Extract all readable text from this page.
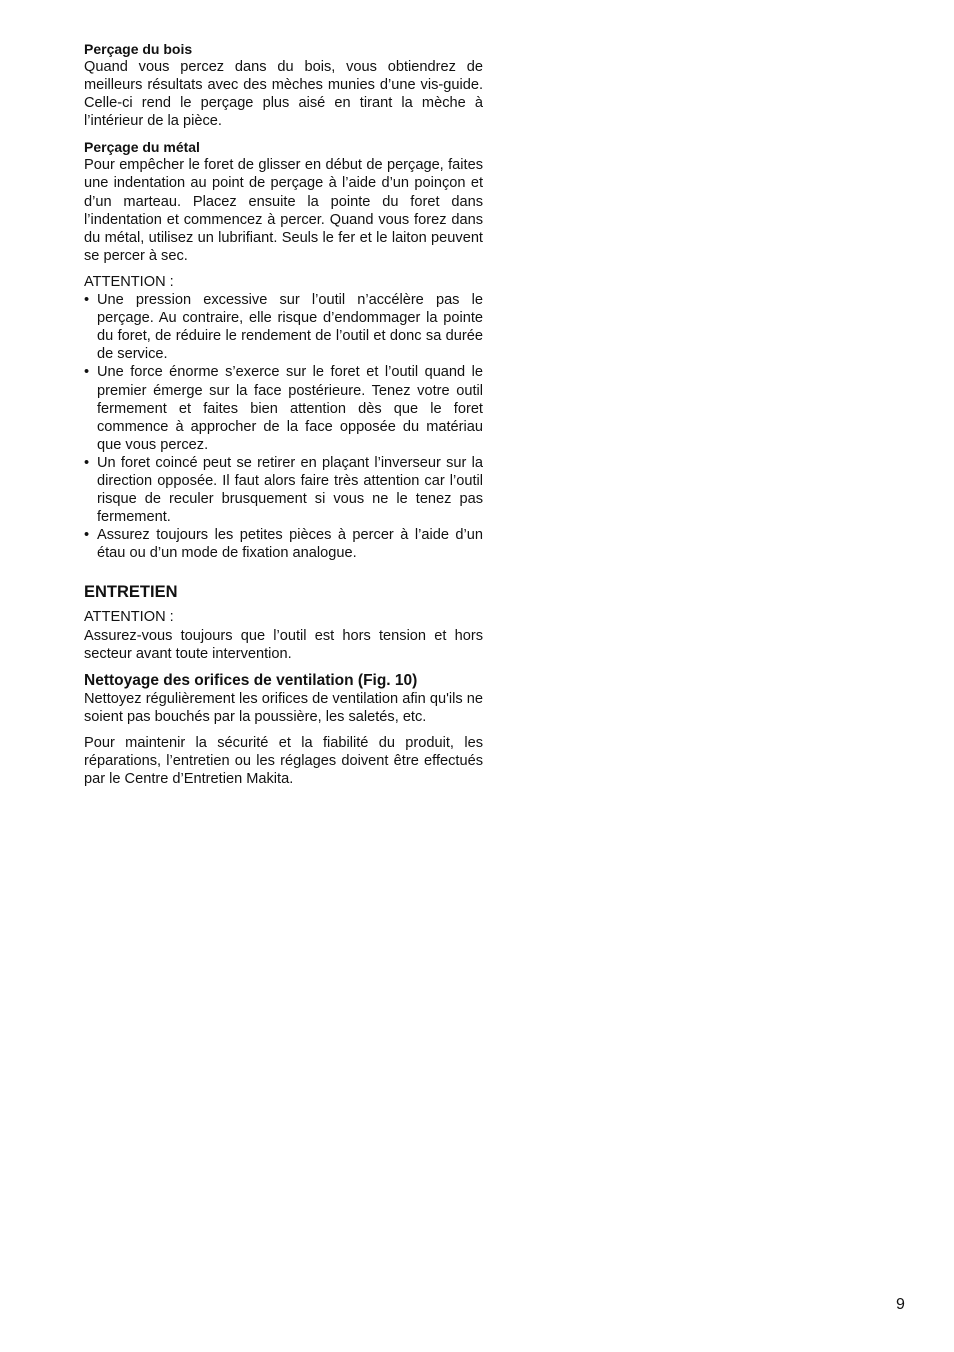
Perçage du bois

Quand vous percez dans du bois, vous obtiendrez de meilleurs résultats avec des mèches munies d’une vis-guide. Celle-ci rend le perçage plus aisé en tirant la mèche à l’intérieur de la pièce.

Perçage du métal

Pour empêcher le foret de glisser en début de perçage, faites une indentation au point de perçage à l’aide d’un poinçon et d’un marteau. Placez ensuite la pointe du foret dans l’indentation et commencez à percer. Quand vous forez dans du métal, utilisez un lubrifiant. Seuls le fer et le laiton peuvent se percer à sec.

ATTENTION :
• Une pression excessive sur l’outil n’accélère pas le perçage. Au contraire, elle risque d’endommager la pointe du foret, de réduire le rendement de l’outil et donc sa durée de service.
• Une force énorme s’exerce sur le foret et l’outil quand le premier émerge sur la face postérieure. Tenez votre outil fermement et faites bien attention dès que le foret commence à approcher de la face opposée du matériau que vous percez.
• Un foret coincé peut se retirer en plaçant l’inverseur sur la direction opposée. Il faut alors faire très attention car l’outil risque de reculer brusquement si vous ne le tenez pas fermement.
• Assurez toujours les petites pièces à percer à l’aide d’un étau ou d’un mode de fixation analogue.
ENTRETIEN
ATTENTION :

Assurez-vous toujours que l’outil est hors tension et hors secteur avant toute intervention.

Nettoyage des orifices de ventilation (Fig. 10)

Nettoyez régulièrement les orifices de ventilation afin qu'ils ne soient pas bouchés par la poussière, les saletés, etc.

Pour maintenir la sécurité et la fiabilité du produit, les réparations, l’entretien ou les réglages doivent être effectués par le Centre d’Entretien Makita.

9
